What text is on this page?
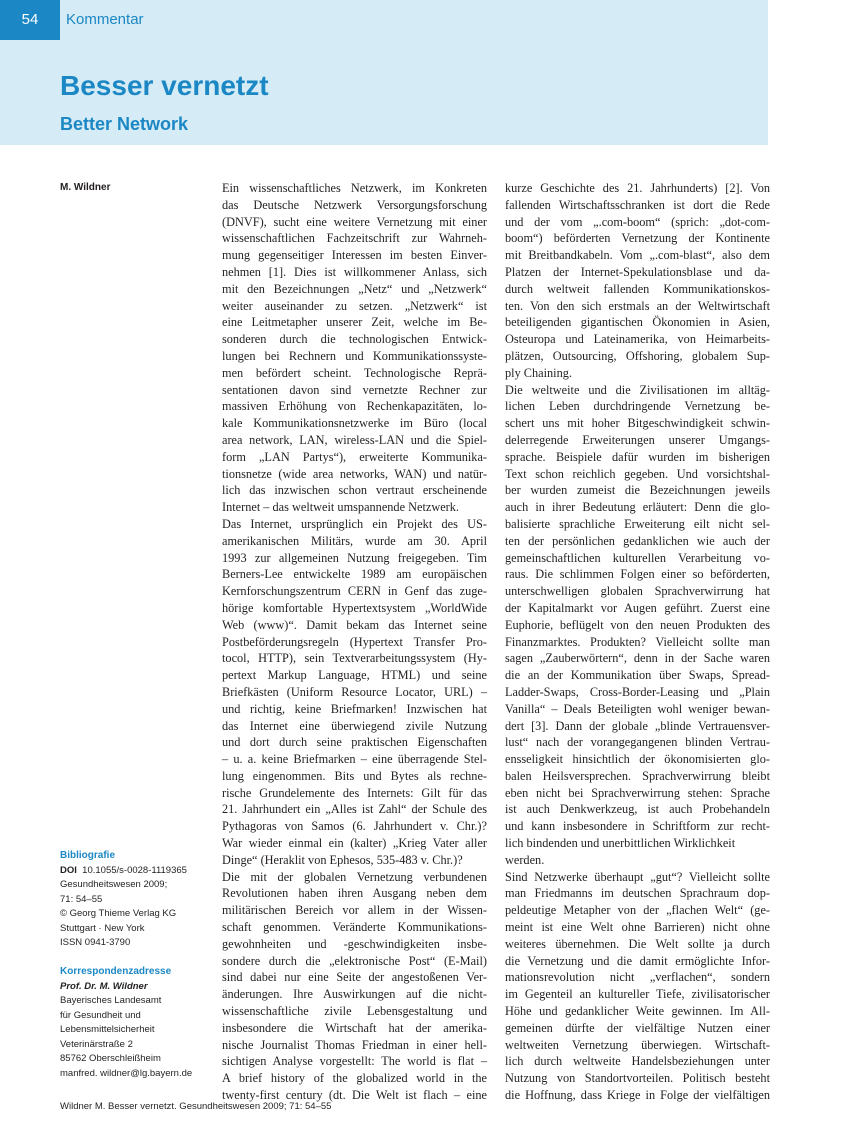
54	Kommentar
Besser vernetzt
Better Network
M. Wildner
Bibliografie
DOI 10.1055/s-0028-1119365
Gesundheitswesen 2009;
71: 54–55
© Georg Thieme Verlag KG
Stuttgart · New York
ISSN 0941-3790
Korrespondenzadresse
Prof. Dr. M. Wildner
Bayerisches Landesamt
für Gesundheit und
Lebensmittelsicherheit
Veterinärstraße 2
85762 Oberschleißheim
manfred. wildner@lg.bayern.de
Ein wissenschaftliches Netzwerk, im Konkreten
das Deutsche Netzwerk Versorgungsforschung
(DNVF), sucht eine weitere Vernetzung mit einer
wissenschaftlichen Fachzeitschrift zur Wahrneh-
mung gegenseitiger Interessen im besten Einver-
nehmen [1]. Dies ist willkommener Anlass, sich
mit den Bezeichnungen „Netz“ und „Netzwerk“
weiter auseinander zu setzen. „Netzwerk“ ist
eine Leitmetapher unserer Zeit, welche im Be-
sonderen durch die technologischen Entwick-
lungen bei Rechnern und Kommunikationssyste-
men befördert scheint. Technologische Reprä-
sentationen davon sind vernetzte Rechner zur
massiven Erhöhung von Rechenkapazitäten, lo-
kale Kommunikationsnetzwerke im Büro (local
area network, LAN, wireless-LAN und die Spiel-
form „LAN Partys“), erweiterte Kommunika-
tionsnetze (wide area networks, WAN) und natür-
lich das inzwischen schon vertraut erscheinende
Internet – das weltweit umspannende Netzwerk.
Das Internet, ursprünglich ein Projekt des US-
amerikanischen Militärs, wurde am 30. April
1993 zur allgemeinen Nutzung freigegeben. Tim
Berners-Lee entwickelte 1989 am europäischen
Kernforschungszentrum CERN in Genf das zuge-
hörige komfortable Hypertextsystem „WorldWide
Web (www)“. Damit bekam das Internet seine
Postbeförderungsregeln (Hypertext Transfer Pro-
tocol, HTTP), sein Textverarbeitungssystem (Hy-
pertext Markup Language, HTML) und seine
Briefkästen (Uniform Resource Locator, URL) –
und richtig, keine Briefmarken! Inzwischen hat
das Internet eine überwiegend zivile Nutzung
und dort durch seine praktischen Eigenschaften
– u. a. keine Briefmarken – eine überragende Stel-
lung eingenommen. Bits und Bytes als rechne-
rische Grundelemente des Internets: Gilt für das
21. Jahrhundert ein „Alles ist Zahl“ der Schule des
Pythagoras von Samos (6. Jahrhundert v. Chr.)?
War wieder einmal ein (kalter) „Krieg Vater aller
Dinge“ (Heraklit von Ephesos, 535-483 v. Chr.)?
Die mit der globalen Vernetzung verbundenen
Revolutionen haben ihren Ausgang neben dem
militärischen Bereich vor allem in der Wissen-
schaft genommen. Veränderte Kommunikations-
gewohnheiten und -geschwindigkeiten insbe-
sondere durch die „elektronische Post“ (E-Mail)
sind dabei nur eine Seite der angestoßenen Ver-
änderungen. Ihre Auswirkungen auf die nicht-
wissenschaftliche zivile Lebensgestaltung und
insbesondere die Wirtschaft hat der amerika-
nische Journalist Thomas Friedman in einer hell-
sichtigen Analyse vorgestellt: The world is flat –
A brief history of the globalized world in the
twenty-first century (dt. Die Welt ist flach – eine
kurze Geschichte des 21. Jahrhunderts) [2]. Von
fallenden Wirtschaftsschranken ist dort die Rede
und der vom „.com-boom“ (sprich: „dot-com-
boom“) beförderten Vernetzung der Kontinente
mit Breitbandkabeln. Vom „.com-blast“, also dem
Platzen der Internet-Spekulationsblase und da-
durch weltweit fallenden Kommunikationskos-
ten. Von den sich erstmals an der Weltwirtschaft
beteiligenden gigantischen Ökonomien in Asien,
Osteuropa und Lateinamerika, von Heimarbeits-
plätzen, Outsourcing, Offshoring, globalem Sup-
ply Chaining.
Die weltweite und die Zivilisationen im alltäg-
lichen Leben durchdringende Vernetzung be-
schert uns mit hoher Bitgeschwindigkeit schwin-
delerregende Erweiterungen unserer Umgangs-
sprache. Beispiele dafür wurden im bisherigen
Text schon reichlich gegeben. Und vorsichtshal-
ber wurden zumeist die Bezeichnungen jeweils
auch in ihrer Bedeutung erläutert: Denn die glo-
balisierte sprachliche Erweiterung eilt nicht sel-
ten der persönlichen gedanklichen wie auch der
gemeinschaftlichen kulturellen Verarbeitung vo-
raus. Die schlimmen Folgen einer so beförderten,
unterschwelligen globalen Sprachverwirrung hat
der Kapitalmarkt vor Augen geführt. Zuerst eine
Euphorie, beflügelt von den neuen Produkten des
Finanzmarktes. Produkten? Vielleicht sollte man
sagen „Zauberwörtern“, denn in der Sache waren
die an der Kommunikation über Swaps, Spread-
Ladder-Swaps, Cross-Border-Leasing und „Plain
Vanilla“ – Deals Beteiligten wohl weniger bewan-
dert [3]. Dann der globale „blinde Vertrauensver-
lust“ nach der vorangegangenen blinden Vertrau-
ensseligkeit hinsichtlich der ökonomisierten glo-
balen Heilsversprechen. Sprachverwirrung bleibt
eben nicht bei Sprachverwirrung stehen: Sprache
ist auch Denkwerkzeug, ist auch Probehandeln
und kann insbesondere in Schriftform zur recht-
lich bindenden und unerbittlichen Wirklichkeit
werden.
Sind Netzwerke überhaupt „gut“? Vielleicht sollte
man Friedmanns im deutschen Sprachraum dop-
peldeutige Metapher von der „flachen Welt“ (ge-
meint ist eine Welt ohne Barrieren) nicht ohne
weiteres übernehmen. Die Welt sollte ja durch
die Vernetzung und die damit ermöglichte Infor-
mationsrevolution nicht „verflachen“, sondern
im Gegenteil an kultureller Tiefe, zivilisatorischer
Höhe und gedanklicher Weite gewinnen. Im All-
gemeinen dürfte der vielfältige Nutzen einer
weltweiten Vernetzung überwiegen. Wirtschaft-
lich durch weltweite Handelsbeziehungen unter
Nutzung von Standortvorteilen. Politisch besteht
die Hoffnung, dass Kriege in Folge der vielfältigen
Wildner M. Besser vernetzt. Gesundheitswesen 2009; 71: 54–55
